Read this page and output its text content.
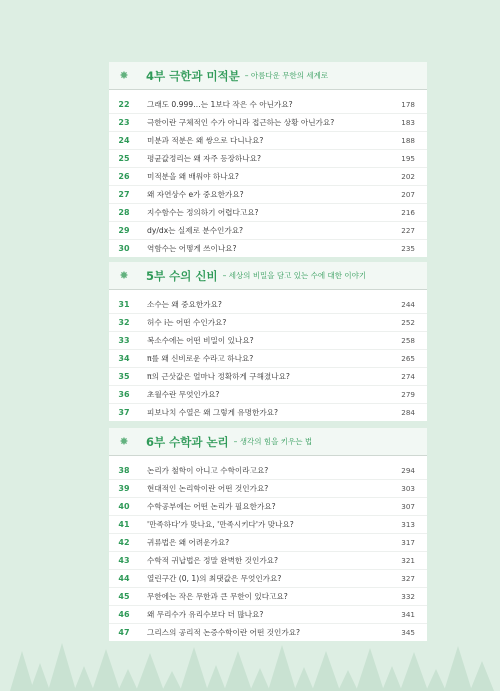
✸	4부 극한과 미적분 – 아름다운 무한의 세계로
22	그래도 0.999…는 1보다 작은 수 아닌가요?	178
23	극한이란 구체적인 수가 아니라 접근하는 상황 아닌가요?	183
24	미분과 적분은 왜 쌍으로 다니나요?	188
25	평균값정리는 왜 자주 등장하나요?	195
26	미적분을 왜 배워야 하나요?	202
27	왜 자연상수 e가 중요한가요?	207
28	지수함수는 정의하기 어렵다고요?	216
29	dy/dx는 실제로 분수인가요?	227
30	역함수는 어떻게 쓰이나요?	235
✸	5부 수의 신비 – 세상의 비밀을 담고 있는 수에 대한 이야기
31	소수는 왜 중요한가요?	244
32	허수 i는 어떤 수인가요?	252
33	복소수에는 어떤 비밀이 있나요?	258
34	π를 왜 신비로운 수라고 하나요?	265
35	π의 근삿값은 얼마나 정확하게 구해졌나요?	274
36	초월수란 무엇인가요?	279
37	피보나치 수열은 왜 그렇게 유명한가요?	284
✸	6부 수학과 논리 – 생각의 힘을 키우는 법
38	논리가 철학이 아니고 수학이라고요?	294
39	현대적인 논리학이란 어떤 것인가요?	303
40	수학공부에는 어떤 논리가 필요한가요?	307
41	'만족하다'가 맞나요, '만족시키다'가 맞나요?	313
42	귀류법은 왜 어려운가요?	317
43	수학적 귀납법은 정말 완벽한 것인가요?	321
44	열린구간 (0, 1)의 최댓값은 무엇인가요?	327
45	무한에는 작은 무한과 큰 무한이 있다고요?	332
46	왜 무리수가 유리수보다 더 많나요?	341
47	그리스의 공리적 논증수학이란 어떤 것인가요?	345
